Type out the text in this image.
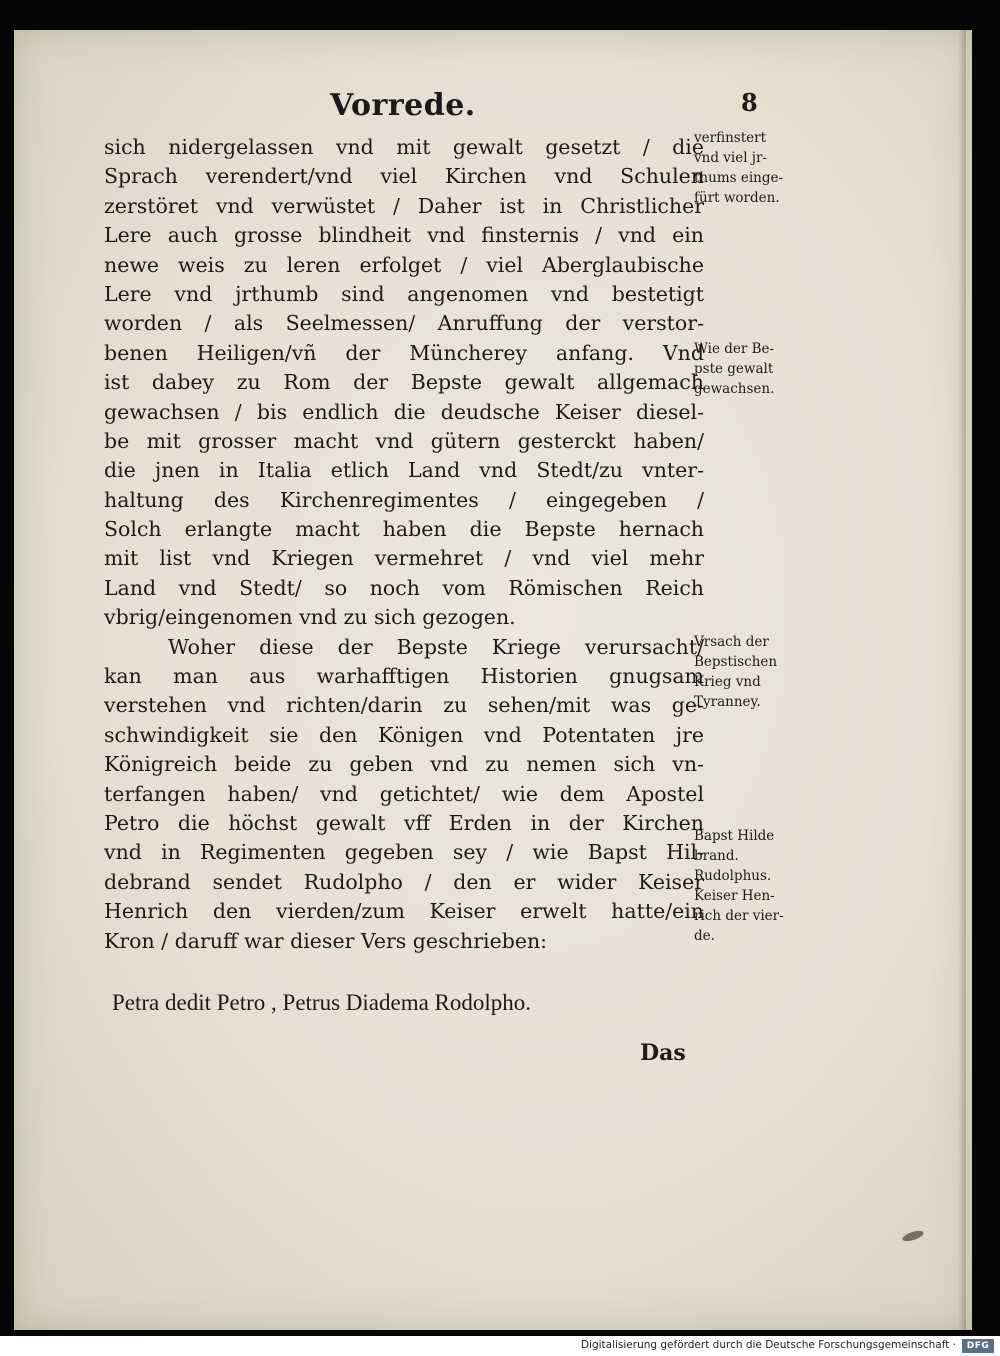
Vorrede.	8
sich nidergelassen vnd mit gewalt gesetzt / die
Sprach verendert/vnd viel Kirchen vnd Schulen
zerstöret vnd verwüstet / Daher ist in Christlicher
Lere auch grosse blindheit vnd finsternis / vnd ein
newe weis zu leren erfolget / viel Aberglaubische
Lere vnd jrthumb sind angenomen vnd bestetigt
worden / als Seelmessen/ Anruffung der verstor-
benen Heiligen/vñ der Müncherey anfang. Vnd
ist dabey zu Rom der Bepste gewalt allgemach
gewachsen / bis endlich die deudsche Keiser diesel-
be mit grosser macht vnd gütern gesterckt haben/
die jnen in Italia etlich Land vnd Stedt/zu vnter-
haltung des Kirchenregimentes / eingegeben /
Solch erlangte macht haben die Bepste hernach
mit list vnd Kriegen vermehret / vnd viel mehr
Land vnd Stedt/ so noch vom Römischen Reich
vbrig/eingenomen vnd zu sich gezogen.
Woher diese der Bepste Kriege verursacht/
kan man aus warhafftigen Historien gnugsam
verstehen vnd richten/darin zu sehen/mit was ge-
schwindigkeit sie den Königen vnd Potentaten jre
Königreich beide zu geben vnd zu nemen sich vn-
terfangen haben/ vnd getichtet/ wie dem Apostel
Petro die höchst gewalt vff Erden in der Kirchen
vnd in Regimenten gegeben sey / wie Bapst Hil-
debrand sendet Rudolpho / den er wider Keiser
Henrich den vierden/zum Keiser erwelt hatte/ein
Kron / daruff war dieser Vers geschrieben:
Petra dedit Petro , Petrus Diadema Rodolpho.
Das
verfinstert
vnd viel jr-
thums einge-
fürt worden.
Wie der Be-
pste gewalt
gewachsen.
Vrsach der
Bepstischen
Krieg vnd
Tyranney.
Bapst Hilde
brand.
Rudolphus.
Keiser Hen-
rich der vier-
de.
Digitalisierung gefördert durch die Deutsche Forschungsgemeinschaft ·	DFG
